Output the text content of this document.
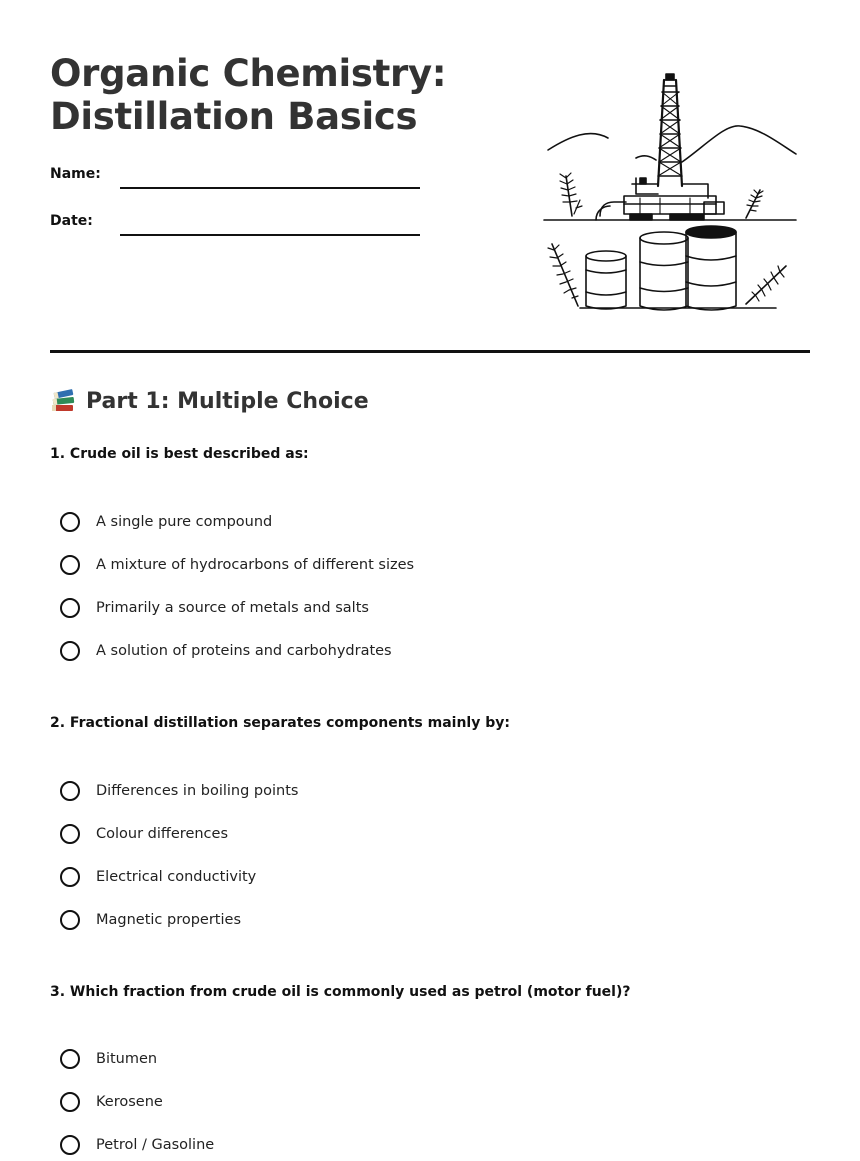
Organic Chemistry:
Distillation Basics
Name:
Date:
Part 1: Multiple Choice

1. Crude oil is best described as:

A single pure compound
A mixture of hydrocarbons of different sizes
Primarily a source of metals and salts
A solution of proteins and carbohydrates

2. Fractional distillation separates components mainly by:

Differences in boiling points
Colour differences
Electrical conductivity
Magnetic properties

3. Which fraction from crude oil is commonly used as petrol (motor fuel)?

Bitumen
Kerosene
Petrol / Gasoline
